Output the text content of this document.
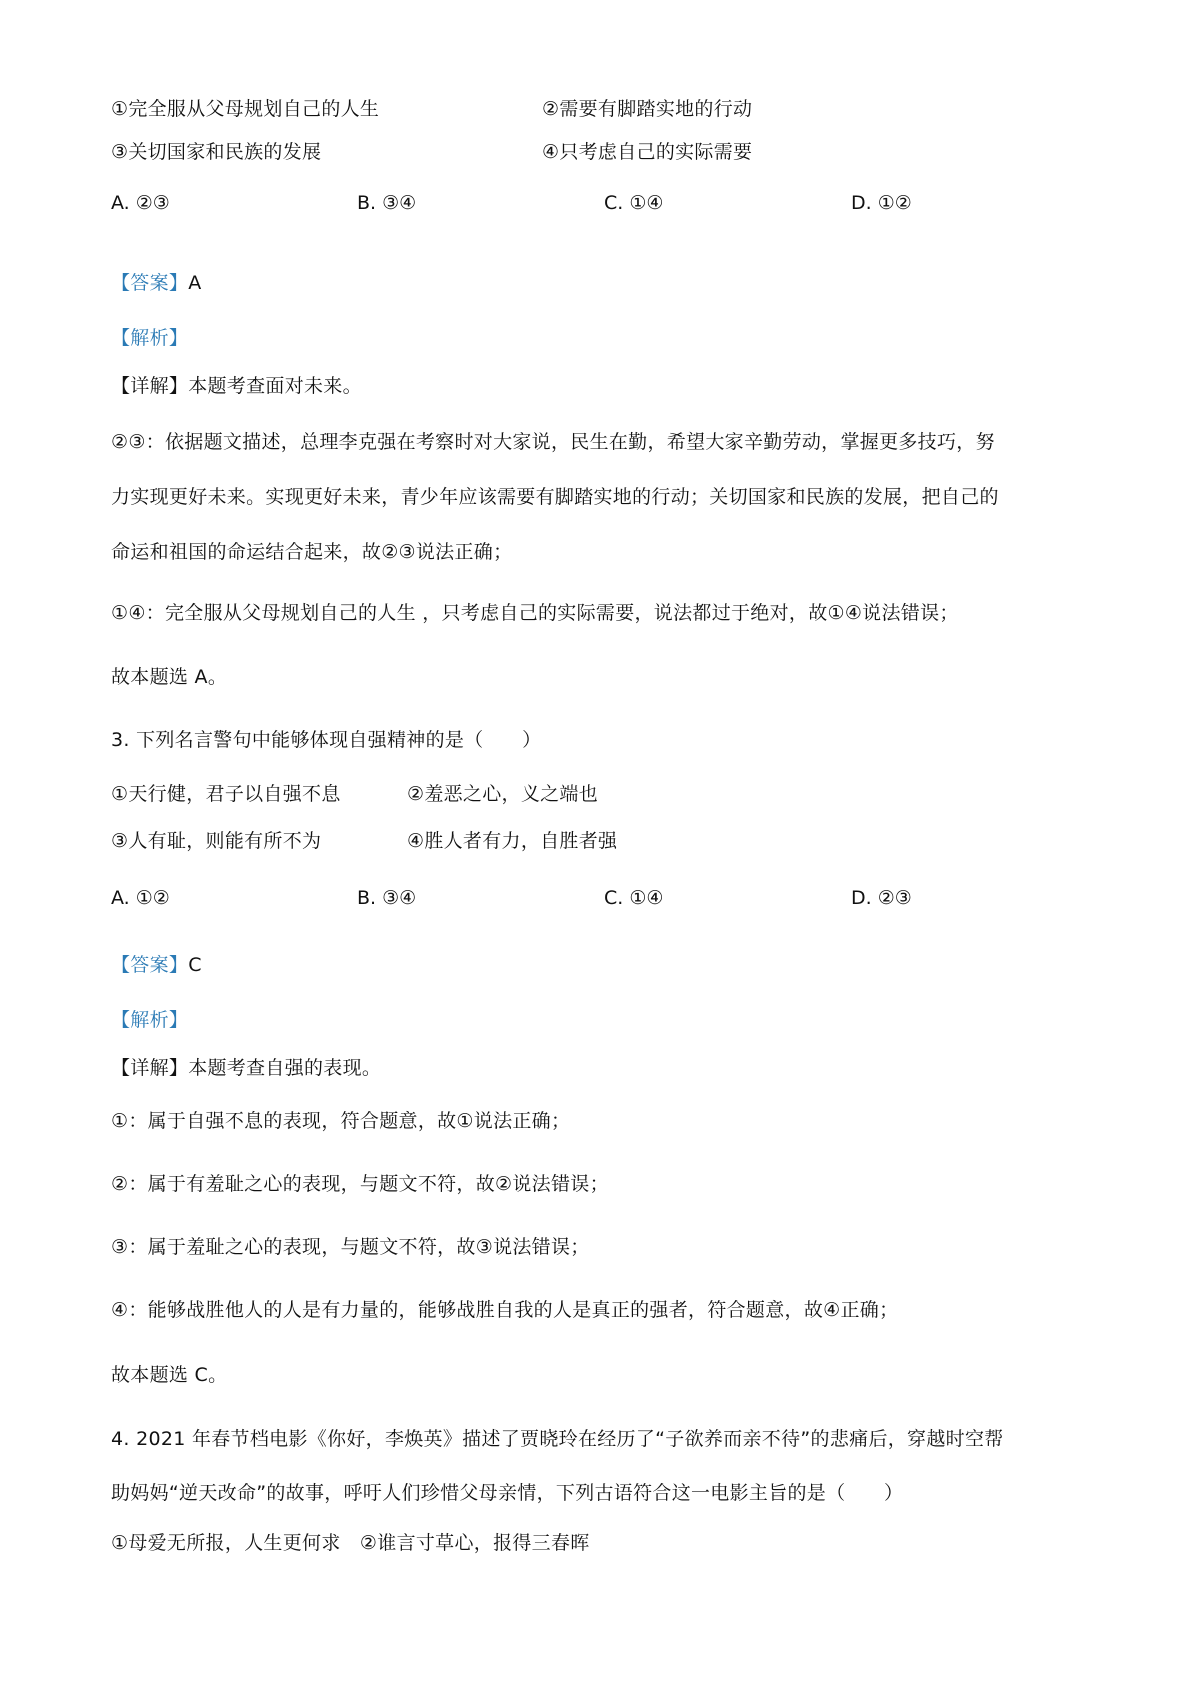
①完全服从父母规划自己的人生	②需要有脚踏实地的行动
③关切国家和民族的发展	④只考虑自己的实际需要
A. ②③	B. ③④	C. ①④	D. ①②
【答案】A
【解析】
【详解】本题考查面对未来。
②③：依据题文描述，总理李克强在考察时对大家说，民生在勤，希望大家辛勤劳动，掌握更多技巧，努
力实现更好未来。实现更好未来，青少年应该需要有脚踏实地的行动；关切国家和民族的发展，把自己的
命运和祖国的命运结合起来，故②③说法正确；
①④：完全服从父母规划自己的人生 ，只考虑自己的实际需要，说法都过于绝对，故①④说法错误；
故本题选 A。
3. 下列名言警句中能够体现自强精神的是（　　）
①天行健，君子以自强不息	②羞恶之心，义之端也
③人有耻，则能有所不为	④胜人者有力，自胜者强
A. ①②	B. ③④	C. ①④	D. ②③
【答案】C
【解析】
【详解】本题考查自强的表现。
①：属于自强不息的表现，符合题意，故①说法正确；
②：属于有羞耻之心的表现，与题文不符，故②说法错误；
③：属于羞耻之心的表现，与题文不符，故③说法错误；
④：能够战胜他人的人是有力量的，能够战胜自我的人是真正的强者，符合题意，故④正确；
故本题选 C。
4. 2021 年春节档电影《你好，李焕英》描述了贾晓玲在经历了“子欲养而亲不待”的悲痛后，穿越时空帮
助妈妈“逆天改命”的故事，呼吁人们珍惜父母亲情，下列古语符合这一电影主旨的是（　　）
①母爱无所报，人生更何求　②谁言寸草心，报得三春晖
